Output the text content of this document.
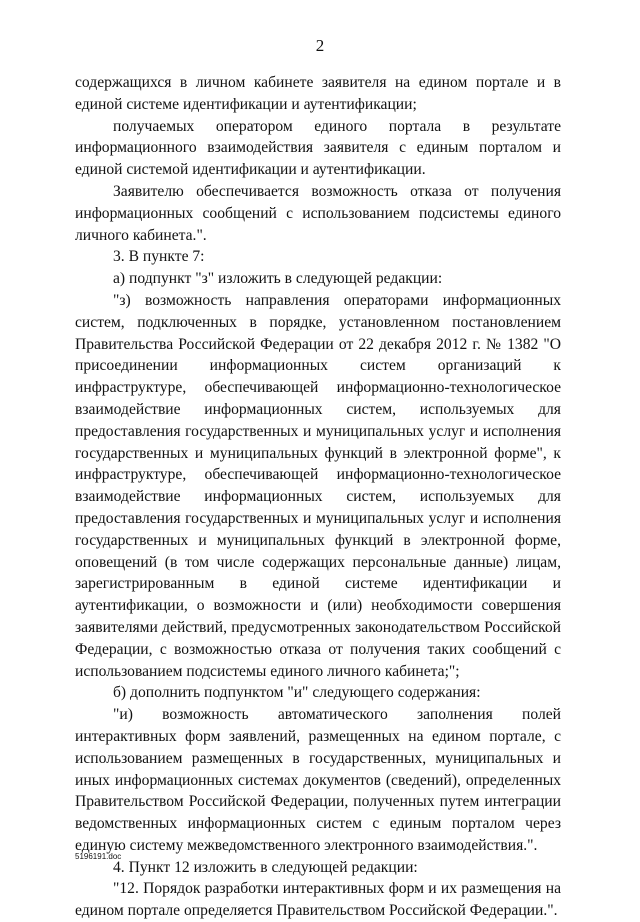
2

содержащихся в личном кабинете заявителя на едином портале и в единой системе идентификации и аутентификации;

получаемых оператором единого портала в результате информационного взаимодействия заявителя с единым порталом и единой системой идентификации и аутентификации.

Заявителю обеспечивается возможность отказа от получения информационных сообщений с использованием подсистемы единого личного кабинета.".

3. В пункте 7:

а) подпункт "з" изложить в следующей редакции:

"з) возможность направления операторами информационных систем, подключенных в порядке, установленном постановлением Правительства Российской Федерации от 22 декабря 2012 г. № 1382 "О присоединении информационных систем организаций к инфраструктуре, обеспечивающей информационно-технологическое взаимодействие информационных систем, используемых для предоставления государственных и муниципальных услуг и исполнения государственных и муниципальных функций в электронной форме", к инфраструктуре, обеспечивающей информационно-технологическое взаимодействие информационных систем, используемых для предоставления государственных и муниципальных услуг и исполнения государственных и муниципальных функций в электронной форме, оповещений (в том числе содержащих персональные данные) лицам, зарегистрированным в единой системе идентификации и аутентификации, о возможности и (или) необходимости совершения заявителями действий, предусмотренных законодательством Российской Федерации, с возможностью отказа от получения таких сообщений с использованием подсистемы единого личного кабинета;";

б) дополнить подпунктом "и" следующего содержания:

"и) возможность автоматического заполнения полей интерактивных форм заявлений, размещенных на едином портале, с использованием размещенных в государственных, муниципальных и иных информационных системах документов (сведений), определенных Правительством Российской Федерации, полученных путем интеграции ведомственных информационных систем с единым порталом через единую систему межведомственного электронного взаимодействия.".

4. Пункт 12 изложить в следующей редакции:

"12. Порядок разработки интерактивных форм и их размещения на едином портале определяется Правительством Российской Федерации.".

5196191.doc
